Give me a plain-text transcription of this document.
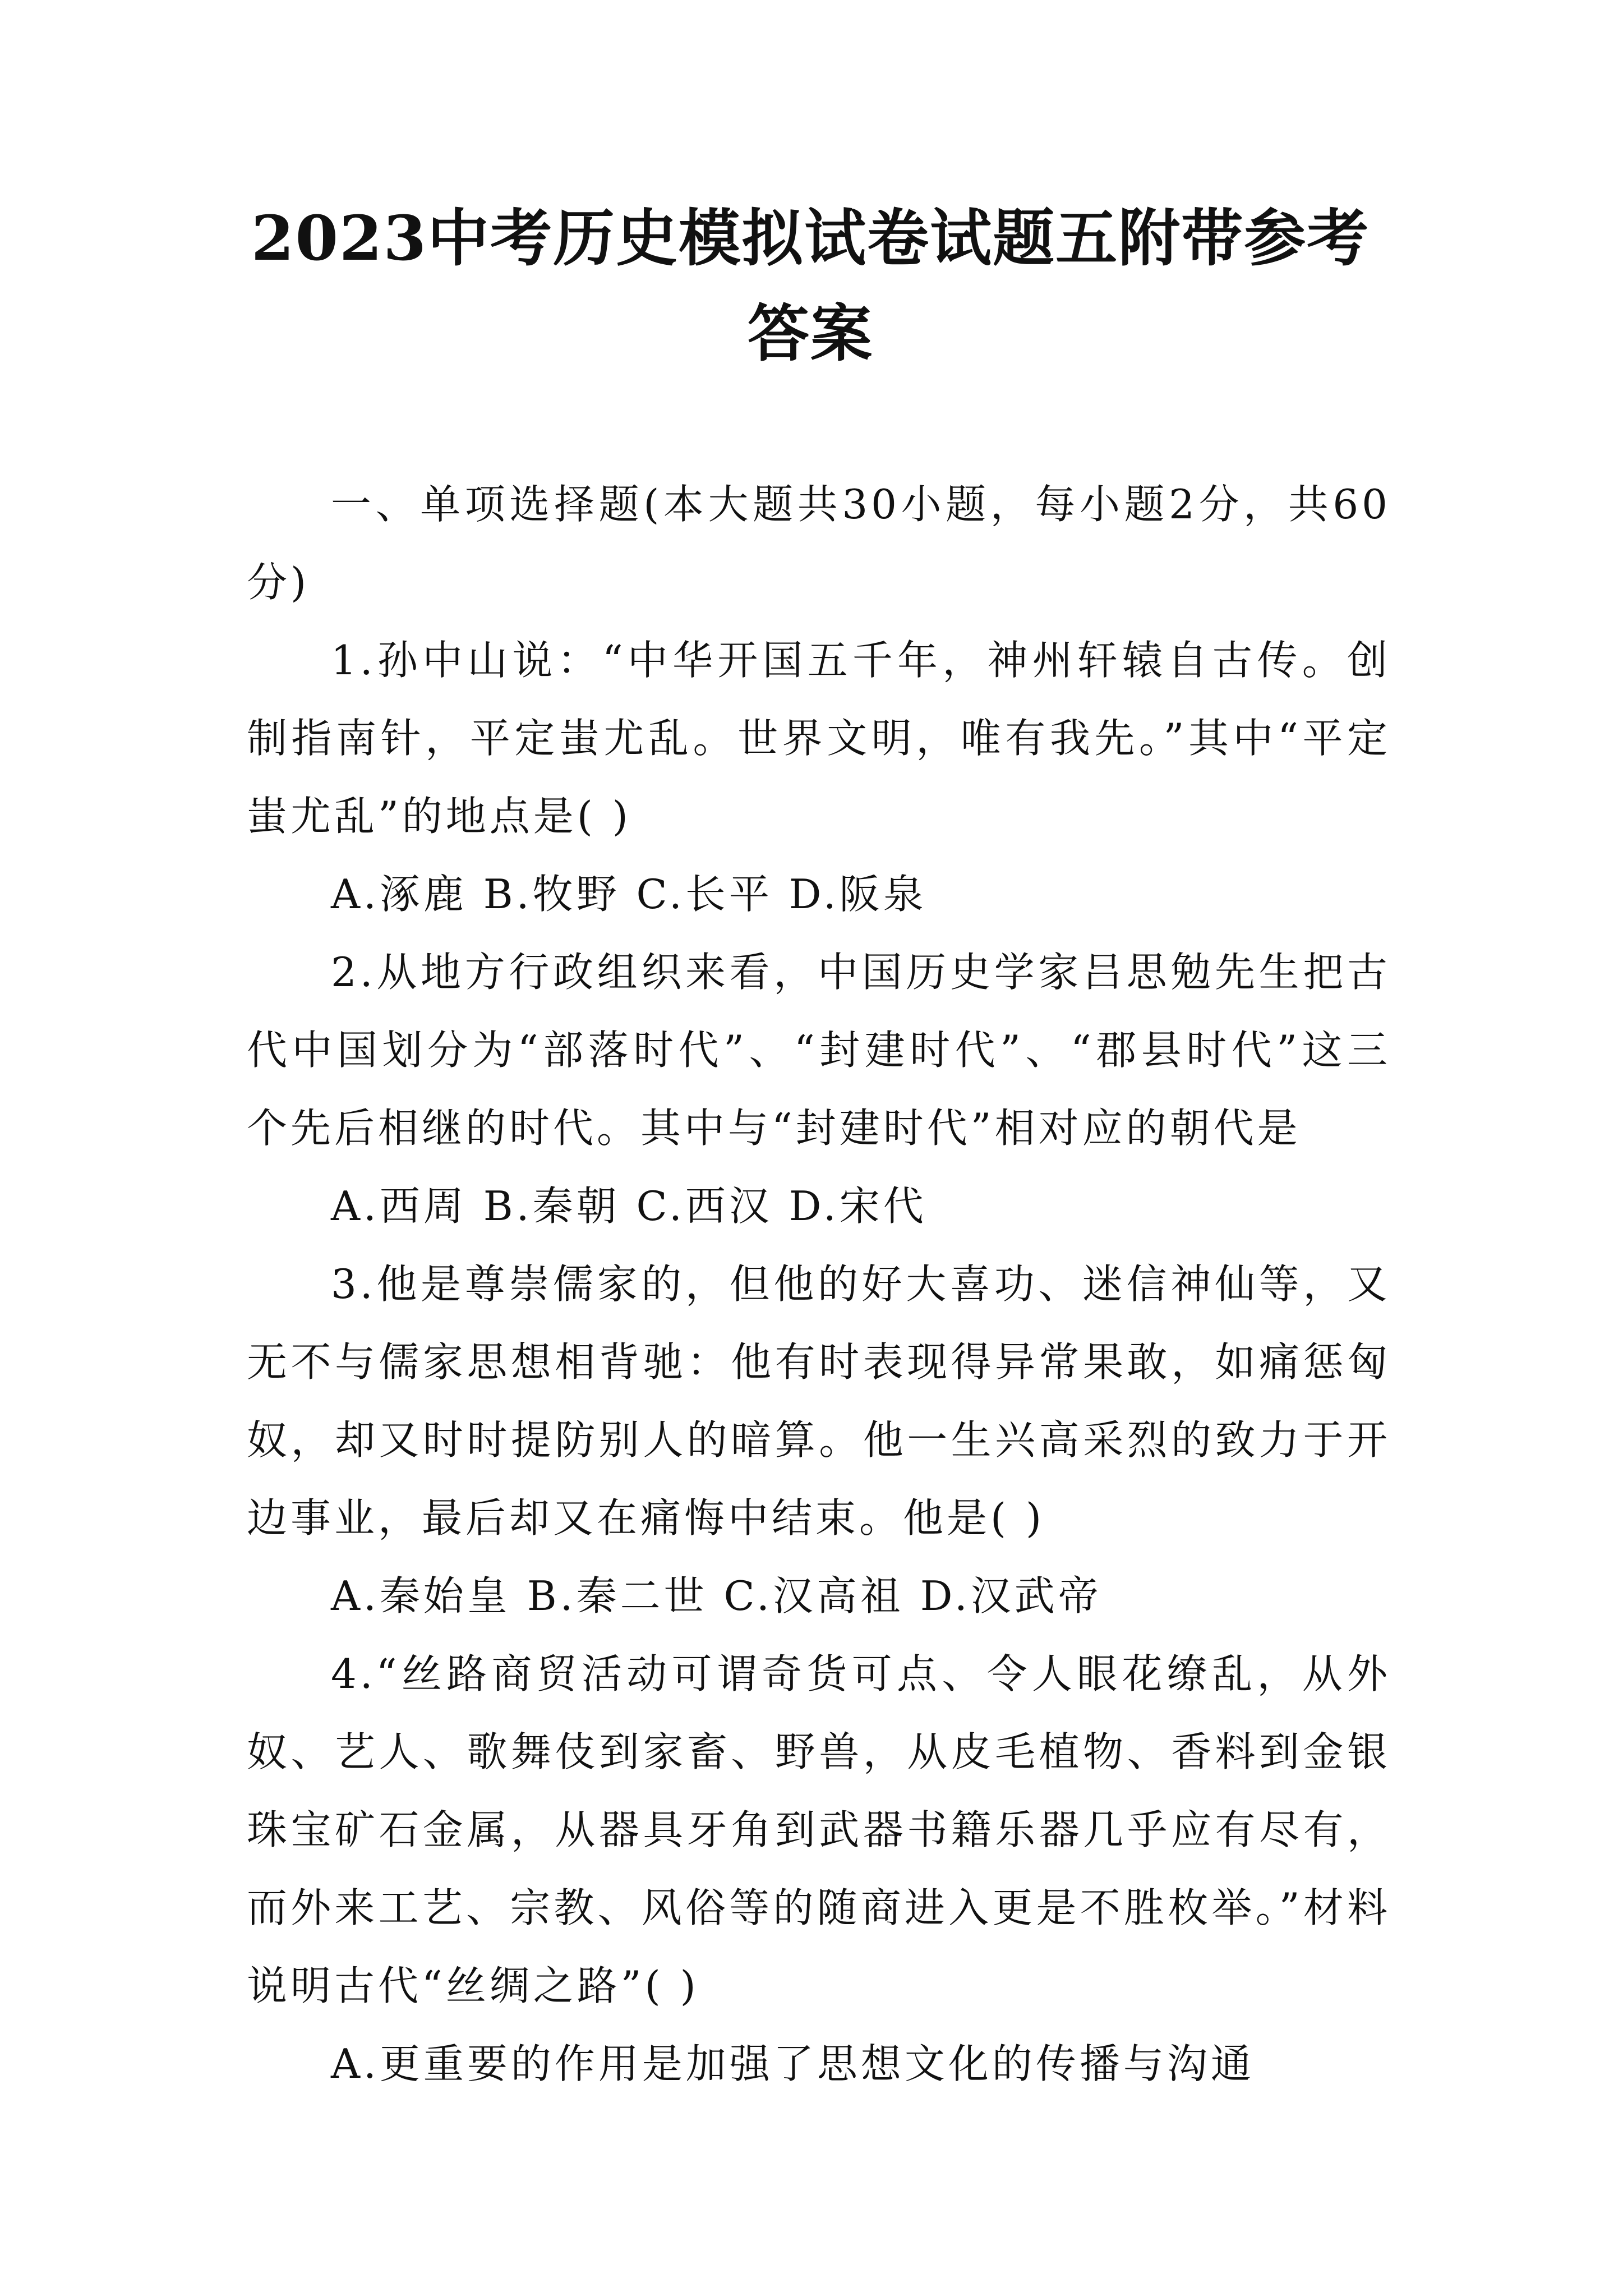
2023中考历史模拟试卷试题五附带参考答案

一、单项选择题(本大题共30小题，每小题2分，共60分)

1.孙中山说：“中华开国五千年，神州轩辕自古传。创制指南针，平定蚩尤乱。世界文明，唯有我先。”其中“平定蚩尤乱”的地点是( )

A.涿鹿 B.牧野 C.长平 D.阪泉

2.从地方行政组织来看，中国历史学家吕思勉先生把古代中国划分为“部落时代”、“封建时代”、“郡县时代”这三个先后相继的时代。其中与“封建时代”相对应的朝代是

A.西周 B.秦朝 C.西汉 D.宋代

3.他是尊崇儒家的，但他的好大喜功、迷信神仙等，又无不与儒家思想相背驰：他有时表现得异常果敢，如痛惩匈奴，却又时时提防别人的暗算。他一生兴高采烈的致力于开边事业，最后却又在痛悔中结束。他是( )

A.秦始皇 B.秦二世 C.汉高祖 D.汉武帝

4.“丝路商贸活动可谓奇货可点、令人眼花缭乱，从外奴、艺人、歌舞伎到家畜、野兽，从皮毛植物、香料到金银珠宝矿石金属，从器具牙角到武器书籍乐器几乎应有尽有，而外来工艺、宗教、风俗等的随商进入更是不胜枚举。”材料说明古代“丝绸之路”( )

A.更重要的作用是加强了思想文化的传播与沟通
